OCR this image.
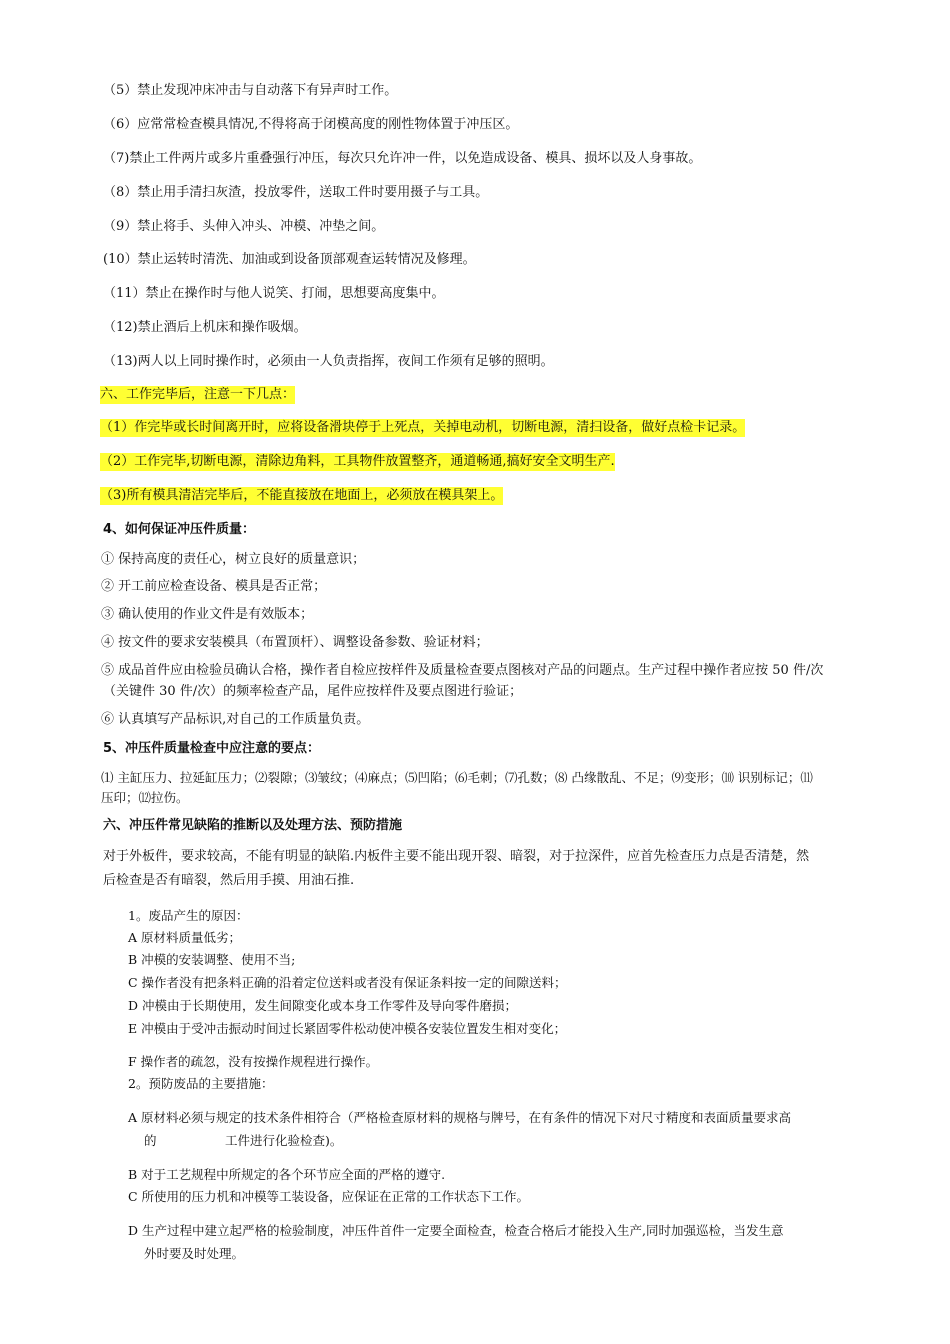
（5）禁止发现冲床冲击与自动落下有异声时工作。
（6）应常常检查模具情况,不得将高于闭模高度的刚性物体置于冲压区。
（7)禁止工件两片或多片重叠强行冲压，每次只允许冲一件，以免造成设备、模具、损坏以及人身事故。
（8）禁止用手清扫灰渣，投放零件，送取工件时要用摄子与工具。
（9）禁止将手、头伸入冲头、冲模、冲垫之间。
(10）禁止运转时清洗、加油或到设备顶部观查运转情况及修理。
（11）禁止在操作时与他人说笑、打闹，思想要高度集中。
（12)禁止酒后上机床和操作吸烟。
（13)两人以上同时操作时，必须由一人负责指挥，夜间工作须有足够的照明。
六、工作完毕后，注意一下几点：
（1）作完毕或长时间离开时，应将设备滑块停于上死点，关掉电动机，切断电源，清扫设备，做好点检卡记录。
（2）工作完毕,切断电源，清除边角料，工具物件放置整齐，通道畅通,搞好安全文明生产.
（3)所有模具清洁完毕后，不能直接放在地面上，必须放在模具架上。
4、如何保证冲压件质量：
① 保持高度的责任心，树立良好的质量意识；
② 开工前应检查设备、模具是否正常；
③ 确认使用的作业文件是有效版本；
④ 按文件的要求安装模具（布置顶杆）、调整设备参数、验证材料；
⑤ 成品首件应由检验员确认合格，操作者自检应按样件及质量检查要点图核对产品的问题点。生产过程中操作者应按 50 件/次
（关键件 30 件/次）的频率检查产品，尾件应按样件及要点图进行验证；
⑥ 认真填写产品标识,对自己的工作质量负责。
5、冲压件质量检查中应注意的要点：
⑴ 主缸压力、拉延缸压力；⑵裂隙；⑶皱纹；⑷麻点；⑸凹陷；⑹毛刺；⑺孔数；⑻ 凸缘散乱、不足；⑼变形；⑽ 识别标记；⑾
压印；⑿拉伤。
六、冲压件常见缺陷的推断以及处理方法、预防措施
对于外板件，要求较高，不能有明显的缺陷.内板件主要不能出现开裂、暗裂，对于拉深件，应首先检查压力点是否清楚，然
后检查是否有暗裂，然后用手摸、用油石推.
1。废品产生的原因：
A 原材料质量低劣；
B 冲模的安装调整、使用不当;
C 操作者没有把条料正确的沿着定位送料或者没有保证条料按一定的间隙送料；
D 冲模由于长期使用，发生间隙变化或本身工作零件及导向零件磨损；
E 冲模由于受冲击振动时间过长紧固零件松动使冲模各安装位置发生相对变化；
F 操作者的疏忽，没有按操作规程进行操作。
2。预防废品的主要措施：
A 原材料必须与规定的技术条件相符合（严格检查原材料的规格与牌号，在有条件的情况下对尺寸精度和表面质量要求高
的	工件进行化验检查)。
B 对于工艺规程中所规定的各个环节应全面的严格的遵守.
C 所使用的压力机和冲模等工装设备，应保证在正常的工作状态下工作。
D 生产过程中建立起严格的检验制度，冲压件首件一定要全面检查，检查合格后才能投入生产,同时加强巡检，当发生意
外时要及时处理。
